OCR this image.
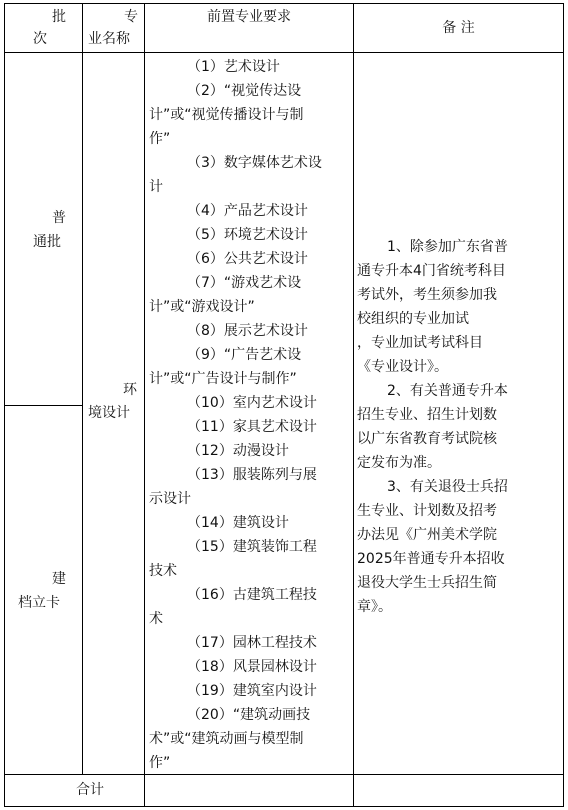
批
次
专
业名称
前置专业要求
备 注
普
通批
建
档立卡
环
境设计
合计

（1）艺术设计

（2）“视觉传达设

计”或“视觉传播设计与制

作”

（3）数字媒体艺术设

计

（4）产品艺术设计

（5）环境艺术设计

（6）公共艺术设计

（7）“游戏艺术设

计”或“游戏设计”

（8）展示艺术设计

（9）“广告艺术设

计”或“广告设计与制作”

（10）室内艺术设计

（11）家具艺术设计

（12）动漫设计

（13）服装陈列与展

示设计

（14）建筑设计

（15）建筑装饰工程

技术

（16）古建筑工程技

术

（17）园林工程技术

（18）风景园林设计

（19）建筑室内设计

（20）“建筑动画技

术”或“建筑动画与模型制

作”

1、除参加广东省普

通专升本4门省统考科目

考试外，考生须参加我

校组织的专业加试

，专业加试考试科目

《专业设计》。

2、有关普通专升本

招生专业、招生计划数

以广东省教育考试院核

定发布为准。

3、有关退役士兵招

生专业、计划数及招考

办法见《广州美术学院

2025年普通专升本招收

退役大学生士兵招生简

章》。
